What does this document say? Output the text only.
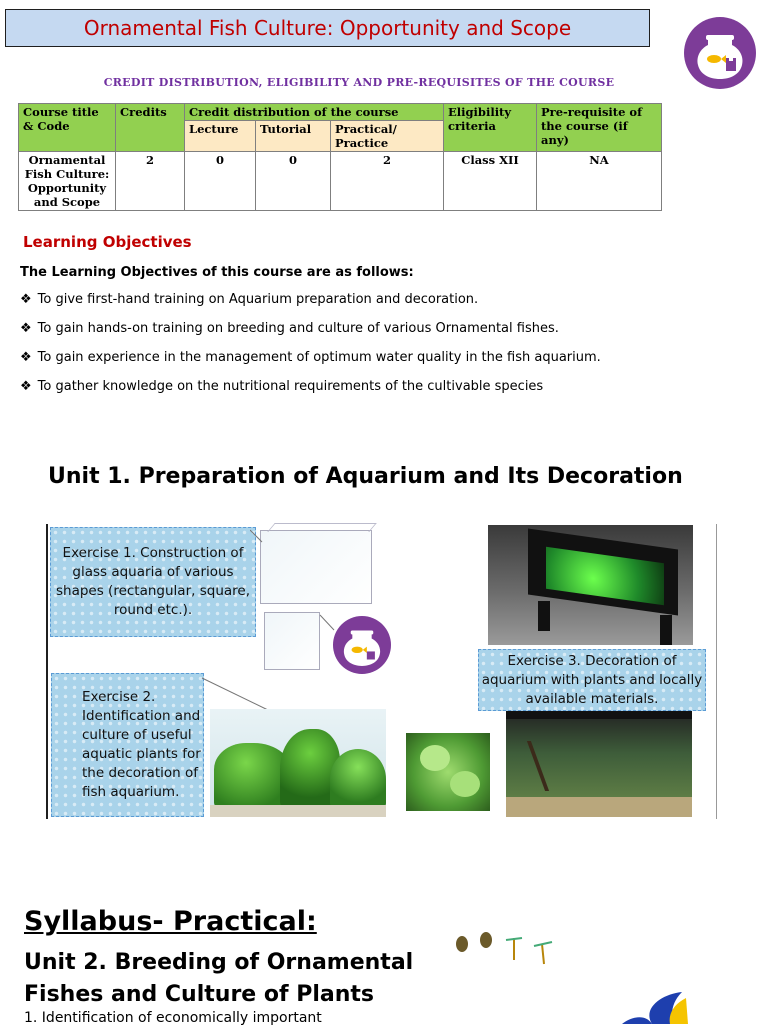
Ornamental Fish Culture: Opportunity and Scope
CREDIT DISTRIBUTION, ELIGIBILITY AND PRE-REQUISITES OF THE COURSE
Course title & Code	Credits	Credit distribution of the course			Eligibility criteria	Pre-requisite of the course (if any)
		Lecture	Tutorial	Practical/ Practice		
Ornamental Fish Culture: Opportunity and Scope	2	0	0	2	Class XII	NA
Learning Objectives
The Learning Objectives of this course are as follows:
❖ To give first-hand training on Aquarium preparation and decoration.
❖ To gain hands-on training on breeding and culture of various Ornamental fishes.
❖ To gain experience in the management of optimum water quality in the fish aquarium.
❖ To gather knowledge on the nutritional requirements of the cultivable species
Unit 1. Preparation of Aquarium and Its Decoration
Exercise 1. Construction of glass aquaria of various shapes (rectangular, square, round etc.).
Exercise 3. Decoration of aquarium with plants and locally available materials.
Exercise 2. Identification and culture of useful aquatic plants for the decoration of fish aquarium.
Syllabus- Practical:
Unit 2. Breeding of Ornamental Fishes and Culture of Plants
1. Identification of economically important
